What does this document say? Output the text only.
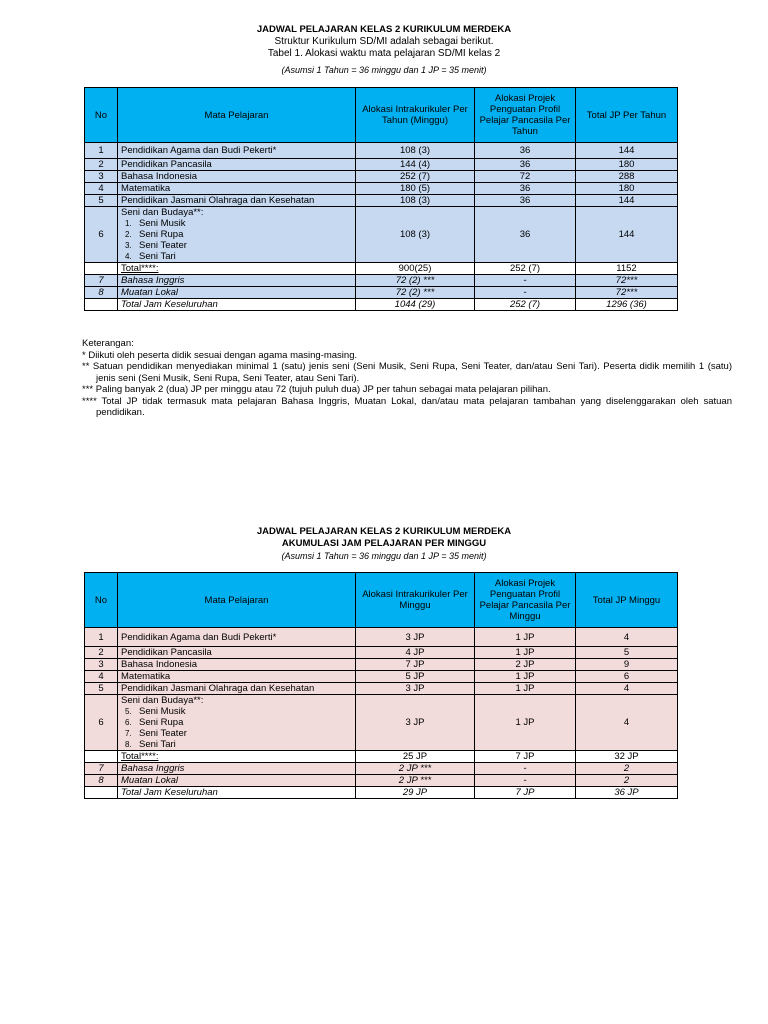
JADWAL PELAJARAN KELAS 2 KURIKULUM MERDEKA
Struktur Kurikulum SD/MI adalah sebagai berikut.
Tabel 1. Alokasi waktu mata pelajaran SD/MI kelas 2
(Asumsi 1 Tahun = 36 minggu dan 1 JP = 35 menit)
No	Mata Pelajaran	Alokasi Intrakurikuler Per Tahun (Minggu)	Alokasi Projek Penguatan Profil Pelajar Pancasila Per Tahun	Total JP Per Tahun
1	Pendidikan Agama dan Budi Pekerti*	108 (3)	36	144
2	Pendidikan Pancasila	144 (4)	36	180
3	Bahasa Indonesia	252 (7)	72	288
4	Matematika	180 (5)	36	180
5	Pendidikan Jasmani Olahraga dan Kesehatan	108 (3)	36	144
6	Seni dan Budaya**:
1. Seni Musik
2. Seni Rupa
3. Seni Teater
4. Seni Tari	108 (3)	36	144
	Total****:	900(25)	252 (7)	1152
7	Bahasa Inggris	72 (2) ***	-	72***
8	Muatan Lokal	72 (2) ***	-	72***
	Total Jam Keseluruhan	1044 (29)	252 (7)	1296 (36)
Keterangan:
* Diikuti oleh peserta didik sesuai dengan agama masing-masing.
** Satuan pendidikan menyediakan minimal 1 (satu) jenis seni (Seni Musik, Seni Rupa, Seni Teater, dan/atau Seni Tari). Peserta didik memilih 1 (satu) jenis seni (Seni Musik, Seni Rupa, Seni Teater, atau Seni Tari).
*** Paling banyak 2 (dua) JP per minggu atau 72 (tujuh puluh dua) JP per tahun sebagai mata pelajaran pilihan.
**** Total JP tidak termasuk mata pelajaran Bahasa Inggris, Muatan Lokal, dan/atau mata pelajaran tambahan yang diselenggarakan oleh satuan pendidikan.
JADWAL PELAJARAN KELAS 2 KURIKULUM MERDEKA
AKUMULASI JAM PELAJARAN PER MINGGU
(Asumsi 1 Tahun = 36 minggu dan 1 JP = 35 menit)
No	Mata Pelajaran	Alokasi Intrakurikuler Per Minggu	Alokasi Projek Penguatan Profil Pelajar Pancasila Per Minggu	Total JP Minggu
1	Pendidikan Agama dan Budi Pekerti*	3 JP	1 JP	4
2	Pendidikan Pancasila	4 JP	1 JP	5
3	Bahasa Indonesia	7 JP	2 JP	9
4	Matematika	5 JP	1 JP	6
5	Pendidikan Jasmani Olahraga dan Kesehatan	3 JP	1 JP	4
6	Seni dan Budaya**:
5. Seni Musik
6. Seni Rupa
7. Seni Teater
8. Seni Tari	3 JP	1 JP	4
	Total****:	25 JP	7 JP	32 JP
7	Bahasa Inggris	2 JP ***	-	2
8	Muatan Lokal	2 JP ***	-	2
	Total Jam Keseluruhan	29 JP	7 JP	36 JP
